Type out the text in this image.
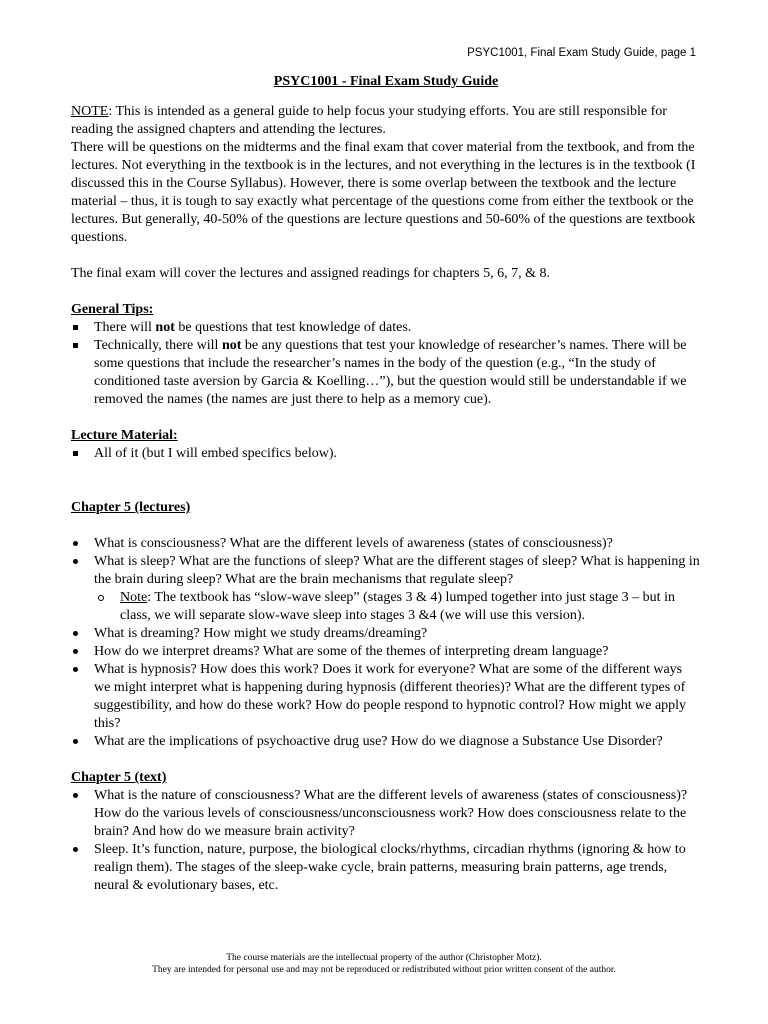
PSYC1001, Final Exam Study Guide, page 1

PSYC1001 - Final Exam Study Guide

NOTE: This is intended as a general guide to help focus your studying efforts. You are still responsible for reading the assigned chapters and attending the lectures.

There will be questions on the midterms and the final exam that cover material from the textbook, and from the lectures. Not everything in the textbook is in the lectures, and not everything in the lectures is in the textbook (I discussed this in the Course Syllabus). However, there is some overlap between the textbook and the lecture material – thus, it is tough to say exactly what percentage of the questions come from either the textbook or the lectures. But generally, 40-50% of the questions are lecture questions and 50-60% of the questions are textbook questions.

The final exam will cover the lectures and assigned readings for chapters 5, 6, 7, & 8.

General Tips:

There will not be questions that test knowledge of dates.
Technically, there will not be any questions that test your knowledge of researcher’s names. There will be some questions that include the researcher’s names in the body of the question (e.g., “In the study of conditioned taste aversion by Garcia & Koelling…”), but the question would still be understandable if we removed the names (the names are just there to help as a memory cue).

Lecture Material:

All of it (but I will embed specifics below).

Chapter 5 (lectures)

What is consciousness? What are the different levels of awareness (states of consciousness)?
What is sleep? What are the functions of sleep? What are the different stages of sleep? What is happening in the brain during sleep? What are the brain mechanisms that regulate sleep?
Note: The textbook has “slow-wave sleep” (stages 3 & 4) lumped together into just stage 3 – but in class, we will separate slow-wave sleep into stages 3 &4 (we will use this version).
What is dreaming? How might we study dreams/dreaming?
How do we interpret dreams? What are some of the themes of interpreting dream language?
What is hypnosis? How does this work? Does it work for everyone? What are some of the different ways we might interpret what is happening during hypnosis (different theories)? What are the different types of suggestibility, and how do these work? How do people respond to hypnotic control? How might we apply this?
What are the implications of psychoactive drug use? How do we diagnose a Substance Use Disorder?

Chapter 5 (text)

What is the nature of consciousness? What are the different levels of awareness (states of consciousness)? How do the various levels of consciousness/unconsciousness work? How does consciousness relate to the brain? And how do we measure brain activity?
Sleep. It’s function, nature, purpose, the biological clocks/rhythms, circadian rhythms (ignoring & how to realign them). The stages of the sleep-wake cycle, brain patterns, measuring brain patterns, age trends, neural & evolutionary bases, etc.
The course materials are the intellectual property of the author (Christopher Motz).
They are intended for personal use and may not be reproduced or redistributed without prior written consent of the author.
